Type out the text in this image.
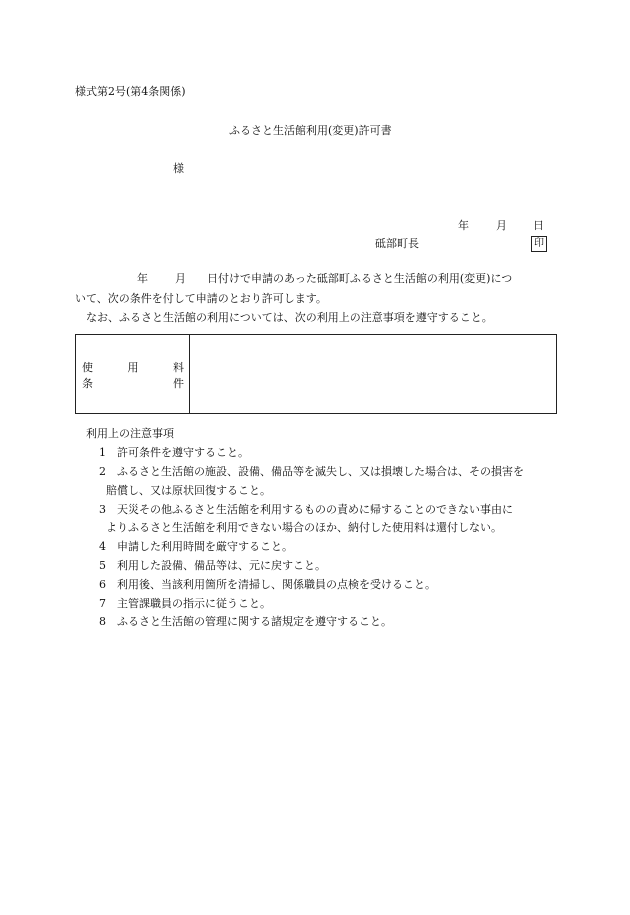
様式第2号(第4条関係)
ふるさと生活館利用(変更)許可書
様
年 月 日
砥部町長	印
年 月 日付けで申請のあった砥部町ふるさと生活館の利用(変更)につ
いて、次の条件を付して申請のとおり許可します。
なお、ふるさと生活館の利用については、次の利用上の注意事項を遵守すること。
使	用	料
条	件
利用上の注意事項
1 許可条件を遵守すること。
2 ふるさと生活館の施設、設備、備品等を滅失し、又は損壊した場合は、その損害を
賠償し、又は原状回復すること。
3 天災その他ふるさと生活館を利用するものの責めに帰することのできない事由に
よりふるさと生活館を利用できない場合のほか、納付した使用料は還付しない。
4 申請した利用時間を厳守すること。
5 利用した設備、備品等は、元に戻すこと。
6 利用後、当該利用箇所を清掃し、関係職員の点検を受けること。
7 主管課職員の指示に従うこと。
8 ふるさと生活館の管理に関する諸規定を遵守すること。
